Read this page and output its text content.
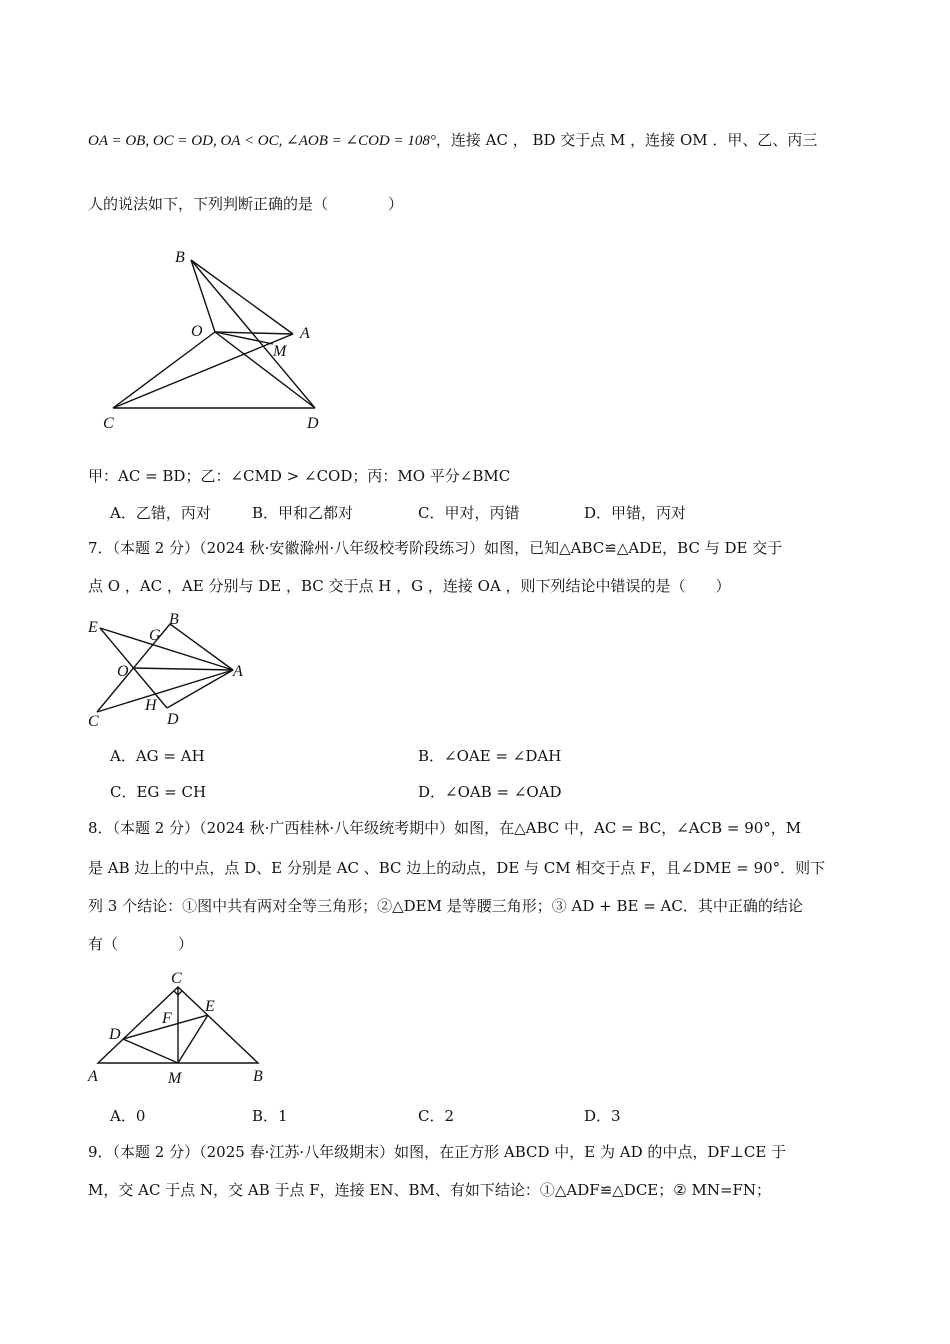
OA = OB, OC = OD, OA < OC, ∠AOB = ∠COD = 108°，连接 AC ， BD 交于点 M ，连接 OM ．甲、乙、丙三
人的说法如下，下列判断正确的是（　　　　）
B
O	A
M
C	D
甲：AC = BD；乙：∠CMD > ∠COD；丙：MO 平分∠BMC
A．乙错，丙对	B．甲和乙都对	C．甲对，丙错	D．甲错，丙对
7．（本题 2 分）（2024 秋·安徽滁州·八年级校考阶段练习）如图，已知△ABC≌△ADE，BC 与 DE 交于
点 O ，AC ，AE 分别与 DE ，BC 交于点 H ，G ，连接 OA ，则下列结论中错误的是（　　）
E	G
B
O	A
C
H
D
A．AG = AH	B．∠OAE = ∠DAH
C．EG = CH	D．∠OAB = ∠OAD
8．（本题 2 分）（2024 秋·广西桂林·八年级统考期中）如图，在△ABC 中，AC = BC，∠ACB = 90°，M
是 AB 边上的中点，点 D、E 分别是 AC 、BC 边上的动点，DE 与 CM 相交于点 F，且∠DME = 90°．则下
列 3 个结论：①图中共有两对全等三角形；②△DEM 是等腰三角形；③ AD + BE = AC．其中正确的结论
有（　　　　）
C
E
F
D
A	M	B
A．0	B．1	C．2	D．3
9．（本题 2 分）（2025 春·江苏·八年级期末）如图，在正方形 ABCD 中，E 为 AD 的中点，DF⊥CE 于
M，交 AC 于点 N，交 AB 于点 F，连接 EN、BM、有如下结论：①△ADF≌△DCE；② MN=FN；
